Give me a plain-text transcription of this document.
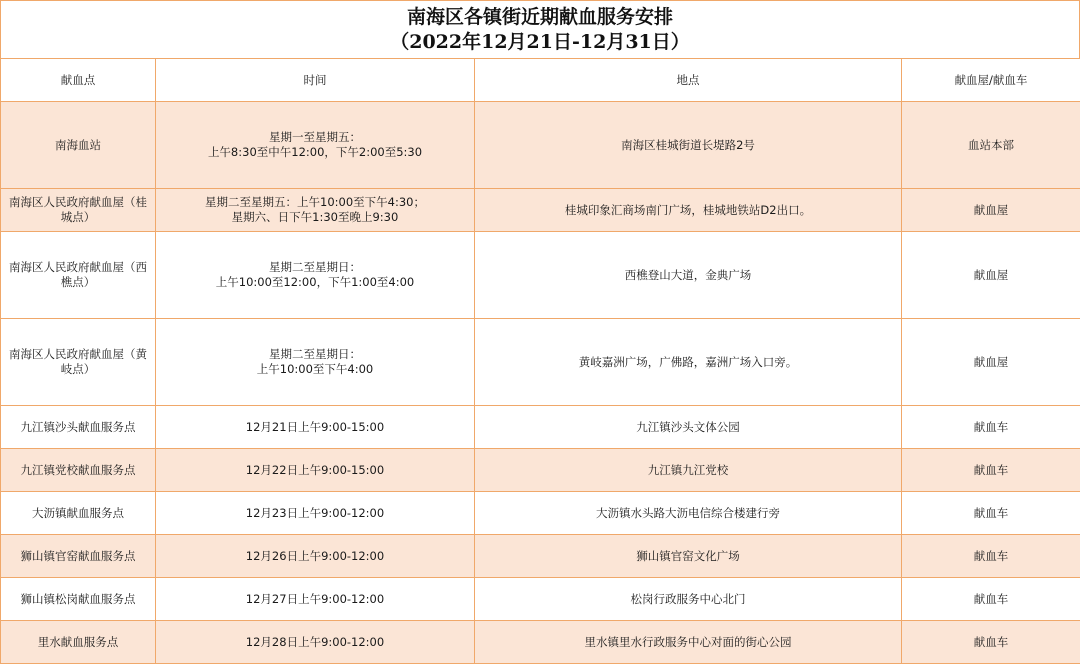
南海区各镇街近期献血服务安排
（2022年12月21日-12月31日）
献血点	时间	地点	献血屋/献血车
南海血站	星期一至星期五：
上午8:30至中午12:00，下午2:00至5:30	南海区桂城街道长堤路2号	血站本部

南海区人民政府献血屋（桂城点）	星期二至星期五：上午10:00至下午4:30；
星期六、日下午1:30至晚上9:30	桂城印象汇商场南门广场，桂城地铁站D2出口。	献血屋

南海区人民政府献血屋（西樵点）	星期二至星期日：
上午10:00至12:00，下午1:00至4:00	西樵登山大道，金典广场	献血屋

南海区人民政府献血屋（黄岐点）	星期二至星期日：
上午10:00至下午4:00	黄岐嘉洲广场，广佛路，嘉洲广场入口旁。	献血屋
九江镇沙头献血服务点	12月21日上午9:00-15:00	九江镇沙头文体公园	献血车
九江镇党校献血服务点	12月22日上午9:00-15:00	九江镇九江党校	献血车
大沥镇献血服务点	12月23日上午9:00-12:00	大沥镇水头路大沥电信综合楼建行旁	献血车
狮山镇官窑献血服务点	12月26日上午9:00-12:00	狮山镇官窑文化广场	献血车
狮山镇松岗献血服务点	12月27日上午9:00-12:00	松岗行政服务中心北门	献血车
里水献血服务点	12月28日上午9:00-12:00	里水镇里水行政服务中心对面的街心公园	献血车
